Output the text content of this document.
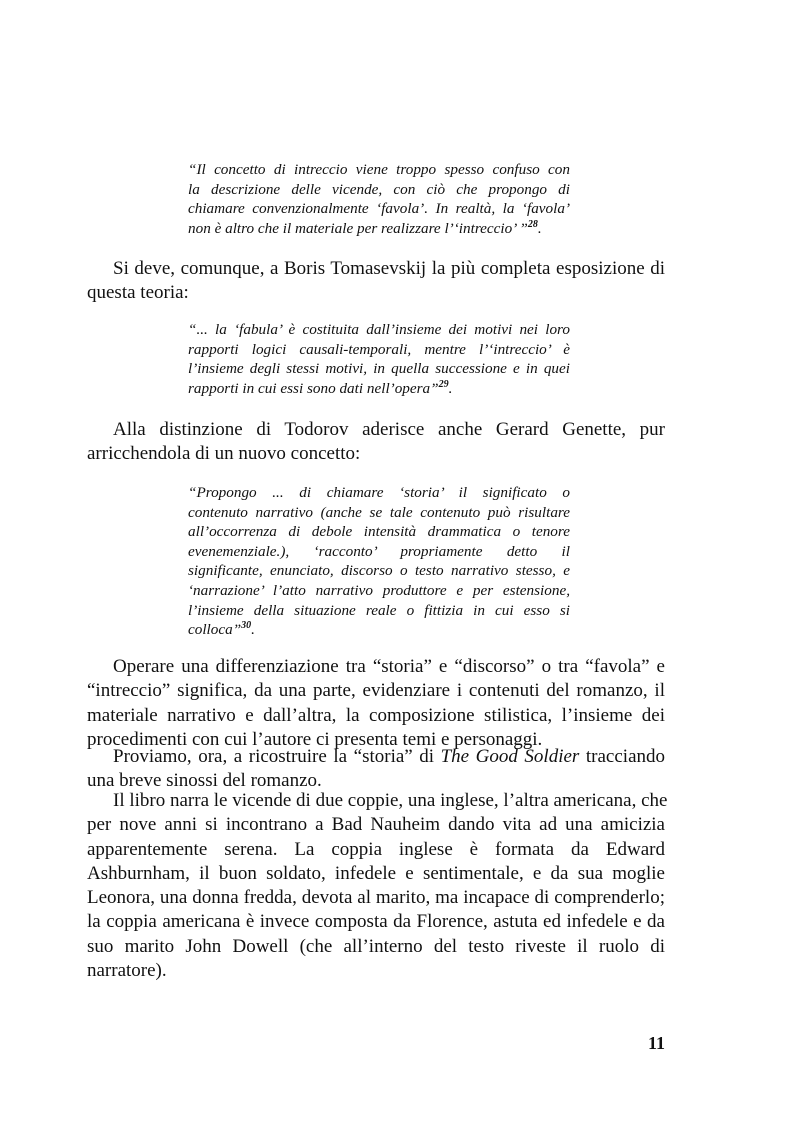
“Il concetto di intreccio viene troppo spesso confuso con
la descrizione delle vicende, con ciò che propongo di
chiamare convenzionalmente ‘favola’. In realtà, la ‘favola’
non è altro che il materiale per realizzare l’‘intreccio’ ”$^{28}$.
Si deve, comunque, a Boris Tomasevskij la più completa esposizione di
questa teoria:
“... la ‘fabula’ è costituita dall’insieme dei motivi nei loro
rapporti logici causali-temporali, mentre l’‘intreccio’ è
l’insieme degli stessi motivi, in quella successione e in quei
rapporti in cui essi sono dati nell’opera”$^{29}$.
Alla distinzione di Todorov aderisce anche Gerard Genette, pur
arricchendola di un nuovo concetto:
“Propongo ... di chiamare ‘storia’ il significato o
contenuto narrativo (anche se tale contenuto può risultare
all’occorrenza di debole intensità drammatica o tenore
evenemenziale.), ‘racconto’ propriamente detto il
significante, enunciato, discorso o testo narrativo stesso, e
‘narrazione’ l’atto narrativo produttore e per estensione,
l’insieme della situazione reale o fittizia in cui esso si
colloca”$^{30}$.
Operare una differenziazione tra “storia” e “discorso” o tra “favola” e
“intreccio” significa, da una parte, evidenziare i contenuti del romanzo, il
materiale narrativo e dall’altra, la composizione stilistica, l’insieme dei
procedimenti con cui l’autore ci presenta temi e personaggi.
Proviamo, ora, a ricostruire la “storia” di The Good Soldier tracciando
una breve sinossi del romanzo.
Il libro narra le vicende di due coppie, una inglese, l’altra americana, che
per nove anni si incontrano a Bad Nauheim dando vita ad una amicizia
apparentemente serena. La coppia inglese è formata da Edward
Ashburnham, il buon soldato, infedele e sentimentale, e da sua moglie
Leonora, una donna fredda, devota al marito, ma incapace di comprenderlo;
la coppia americana è invece composta da Florence, astuta ed infedele e da
suo marito John Dowell (che all’interno del testo riveste il ruolo di
narratore).
11
